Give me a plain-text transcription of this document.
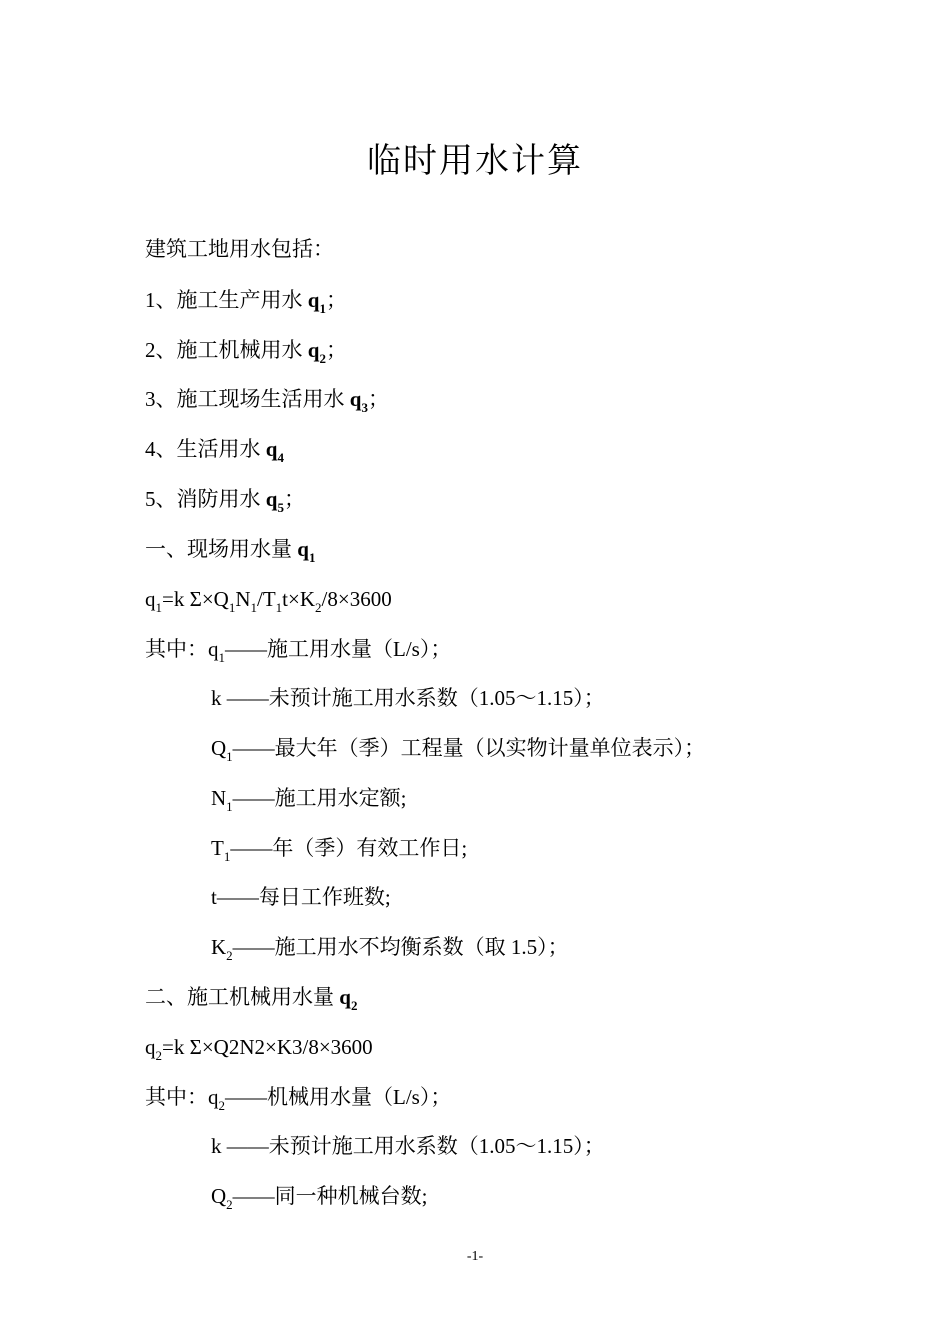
临时用水计算
建筑工地用水包括：
1、施工生产用水 $q_1$；
2、施工机械用水 $q_2$；
3、施工现场生活用水 $q_3$；
4、生活用水 $q_4$
5、消防用水 $q_5$；
一、现场用水量 $q_1$
$q_1=k$ $\Sigma\times Q_1N_1/T_1t\times K_2/8\times 3600$
其中：$q_1——$施工用水量（L/s）；
k ——未预计施工用水系数（1.05～1.15）；
$Q_1——$最大年（季）工程量（以实物计量单位表示）；
$N_1——$施工用水定额;
$T_1——$年（季）有效工作日;
t——每日工作班数;
$K_2——$施工用水不均衡系数（取 1.5）；
二、施工机械用水量 $q_2$
$q_2=k$ Σ×Q2N2×K3/8×3600
其中：$q_2——$机械用水量（L/s）；
k ——未预计施工用水系数（1.05～1.15）；
$Q_2——$同一种机械台数;
-1-
